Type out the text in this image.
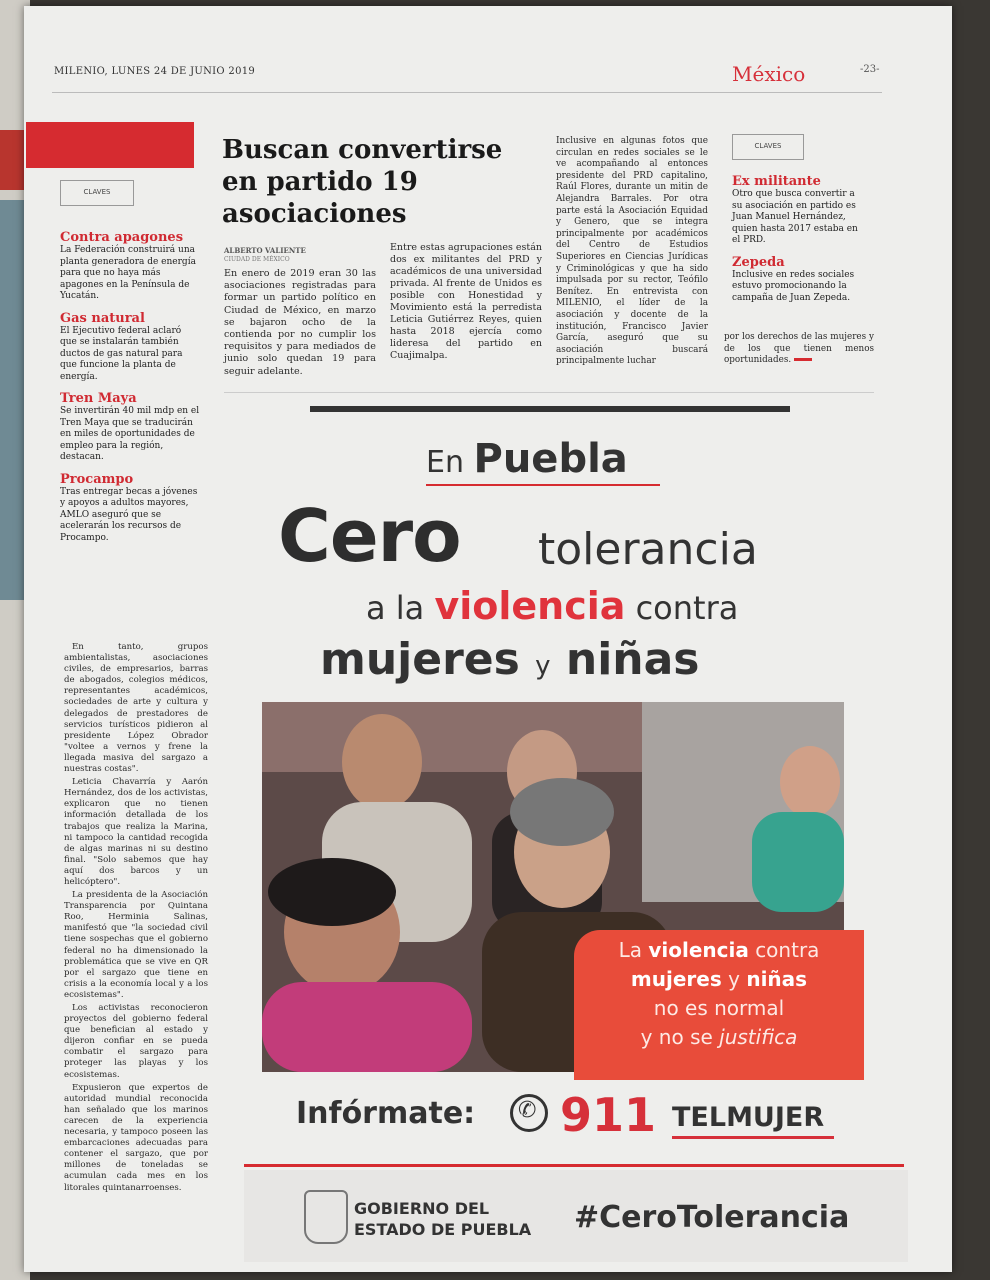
MILENIO, LUNES 24 DE JUNIO 2019	México	-23-
CLAVES
Contra apagones
La Federación construirá una planta generadora de energía para que no haya más apagones en la Península de Yucatán.
Gas natural
El Ejecutivo federal aclaró que se instalarán también ductos de gas natural para que funcione la planta de energía.
Tren Maya
Se invertirán 40 mil mdp en el Tren Maya que se traducirán en miles de oportunidades de empleo para la región, destacan.
Procampo
Tras entregar becas a jóvenes y apoyos a adultos mayores, AMLO aseguró que se acelerarán los recursos de Procampo.
Buscan convertirse en partido 19 asociaciones
ALBERTO VALIENTE
CIUDAD DE MÉXICO
En enero de 2019 eran 30 las asociaciones registradas para formar un partido político en Ciudad de México, en marzo se bajaron ocho de la contienda por no cumplir los requisitos y para mediados de junio solo quedan 19 para seguir adelante.
Entre estas agrupaciones están dos ex militantes del PRD y académicos de una universidad privada. Al frente de Unidos es posible con Honestidad y Movimiento está la perredista Leticia Gutiérrez Reyes, quien hasta 2018 ejercía como lideresa del partido en Cuajimalpa.
Inclusive en algunas fotos que circulan en redes sociales se le ve acompañando al entonces presidente del PRD capitalino, Raúl Flores, durante un mitin de Alejandra Barrales. Por otra parte está la Asociación Equidad y Genero, que se integra principalmente por académicos del Centro de Estudios Superiores en Ciencias Jurídicas y Criminológicas y que ha sido impulsada por su rector, Teófilo Benítez. En entrevista con MILENIO, el líder de la asociación y docente de la institución, Francisco Javier García, aseguró que su asociación buscará principalmente luchar
CLAVES
Ex militante
Otro que busca convertir a su asociación en partido es Juan Manuel Hernández, quien hasta 2017 estaba en el PRD.
Zepeda
Inclusive en redes sociales estuvo promocionando la campaña de Juan Zepeda.
por los derechos de las mujeres y de los que tienen menos oportunidades.

En tanto, grupos ambientalistas, asociaciones civiles, de empresarios, barras de abogados, colegios médicos, representantes académicos, sociedades de arte y cultura y delegados de prestadores de servicios turísticos pidieron al presidente López Obrador "voltee a vernos y frene la llegada masiva del sargazo a nuestras costas".

Leticia Chavarría y Aarón Hernández, dos de los activistas, explicaron que no tienen información detallada de los trabajos que realiza la Marina, ni tampoco la cantidad recogida de algas marinas ni su destino final. "Solo sabemos que hay aquí dos barcos y un helicóptero".

La presidenta de la Asociación Transparencia por Quintana Roo, Herminia Salinas, manifestó que "la sociedad civil tiene sospechas que el gobierno federal no ha dimensionado la problemática que se vive en QR por el sargazo que tiene en crisis a la economía local y a los ecosistemas".

Los activistas reconocieron proyectos del gobierno federal que benefician al estado y dijeron confiar en se pueda combatir el sargazo para proteger las playas y los ecosistemas.

Expusieron que expertos de autoridad mundial reconocida han señalado que los marinos carecen de la experiencia necesaria, y tampoco poseen las embarcaciones adecuadas para contener el sargazo, que por millones de toneladas se acumulan cada mes en los litorales quintanarroenses.

En Puebla
Cero tolerancia
a la violencia contra
mujeres y niñas
La violencia contra
mujeres y niñas
no es normal
y no se justifica
Infórmate: ✆ 911 TELMUJER
GOBIERNO DEL
ESTADO DE PUEBLA #CeroTolerancia
